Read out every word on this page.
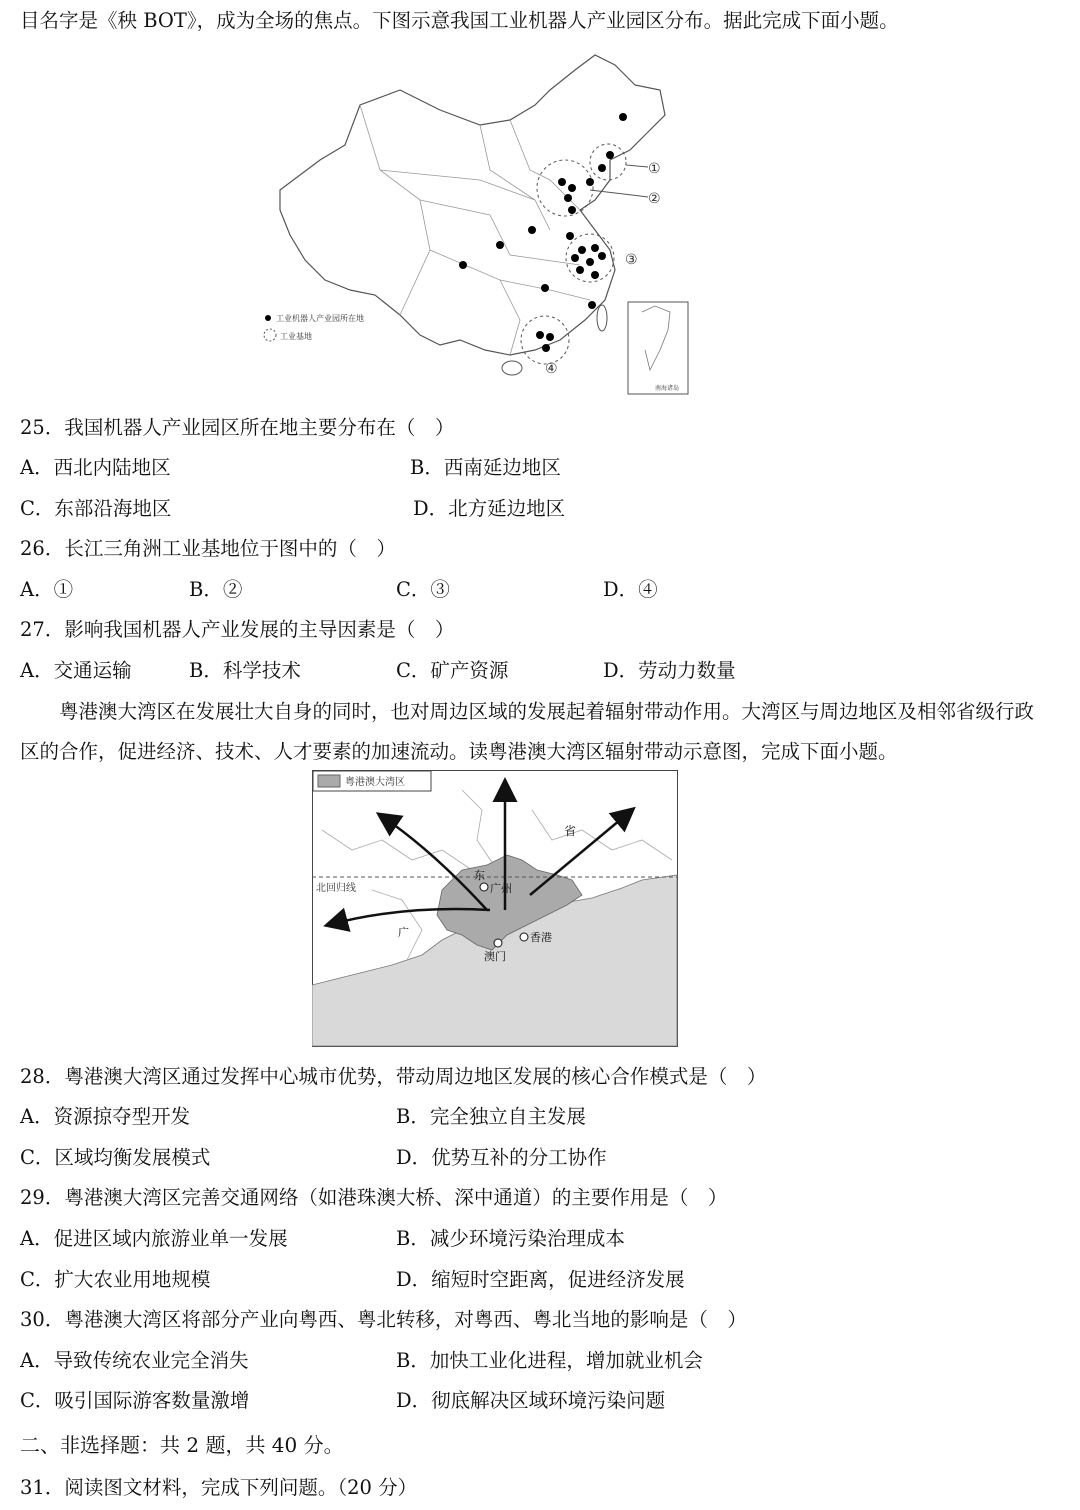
目名字是《秧 BOT》，成为全场的焦点。下图示意我国工业机器人产业园区分布。据此完成下面小题。
①
②
③
④
工业机器人产业园所在地
工业基地
南海诸岛
25．我国机器人产业园区所在地主要分布在（　）
A．西北内陆地区	B．西南延边地区
C．东部沿海地区	D．北方延边地区
26．长江三角洲工业基地位于图中的（　）
A．①	B．②	C．③	D．④
27．影响我国机器人产业发展的主导因素是（　）
A．交通运输	B．科学技术	C．矿产资源	D．劳动力数量
粤港澳大湾区在发展壮大自身的同时，也对周边区域的发展起着辐射带动作用。大湾区与周边地区及相邻省级行政区的合作，促进经济、技术、人才要素的加速流动。读粤港澳大湾区辐射带动示意图，完成下面小题。
北回归线	广州
香港
澳门
东
广
省
粤港澳大湾区
28．粤港澳大湾区通过发挥中心城市优势，带动周边地区发展的核心合作模式是（　）
A．资源掠夺型开发	B．完全独立自主发展
C．区域均衡发展模式	D．优势互补的分工协作
29．粤港澳大湾区完善交通网络（如港珠澳大桥、深中通道）的主要作用是（　）
A．促进区域内旅游业单一发展	B．减少环境污染治理成本
C．扩大农业用地规模	D．缩短时空距离，促进经济发展
30．粤港澳大湾区将部分产业向粤西、粤北转移，对粤西、粤北当地的影响是（　）
A．导致传统农业完全消失	B．加快工业化进程，增加就业机会
C．吸引国际游客数量激增	D．彻底解决区域环境污染问题
二、非选择题：共 2 题，共 40 分。
31．阅读图文材料，完成下列问题。（20 分）
